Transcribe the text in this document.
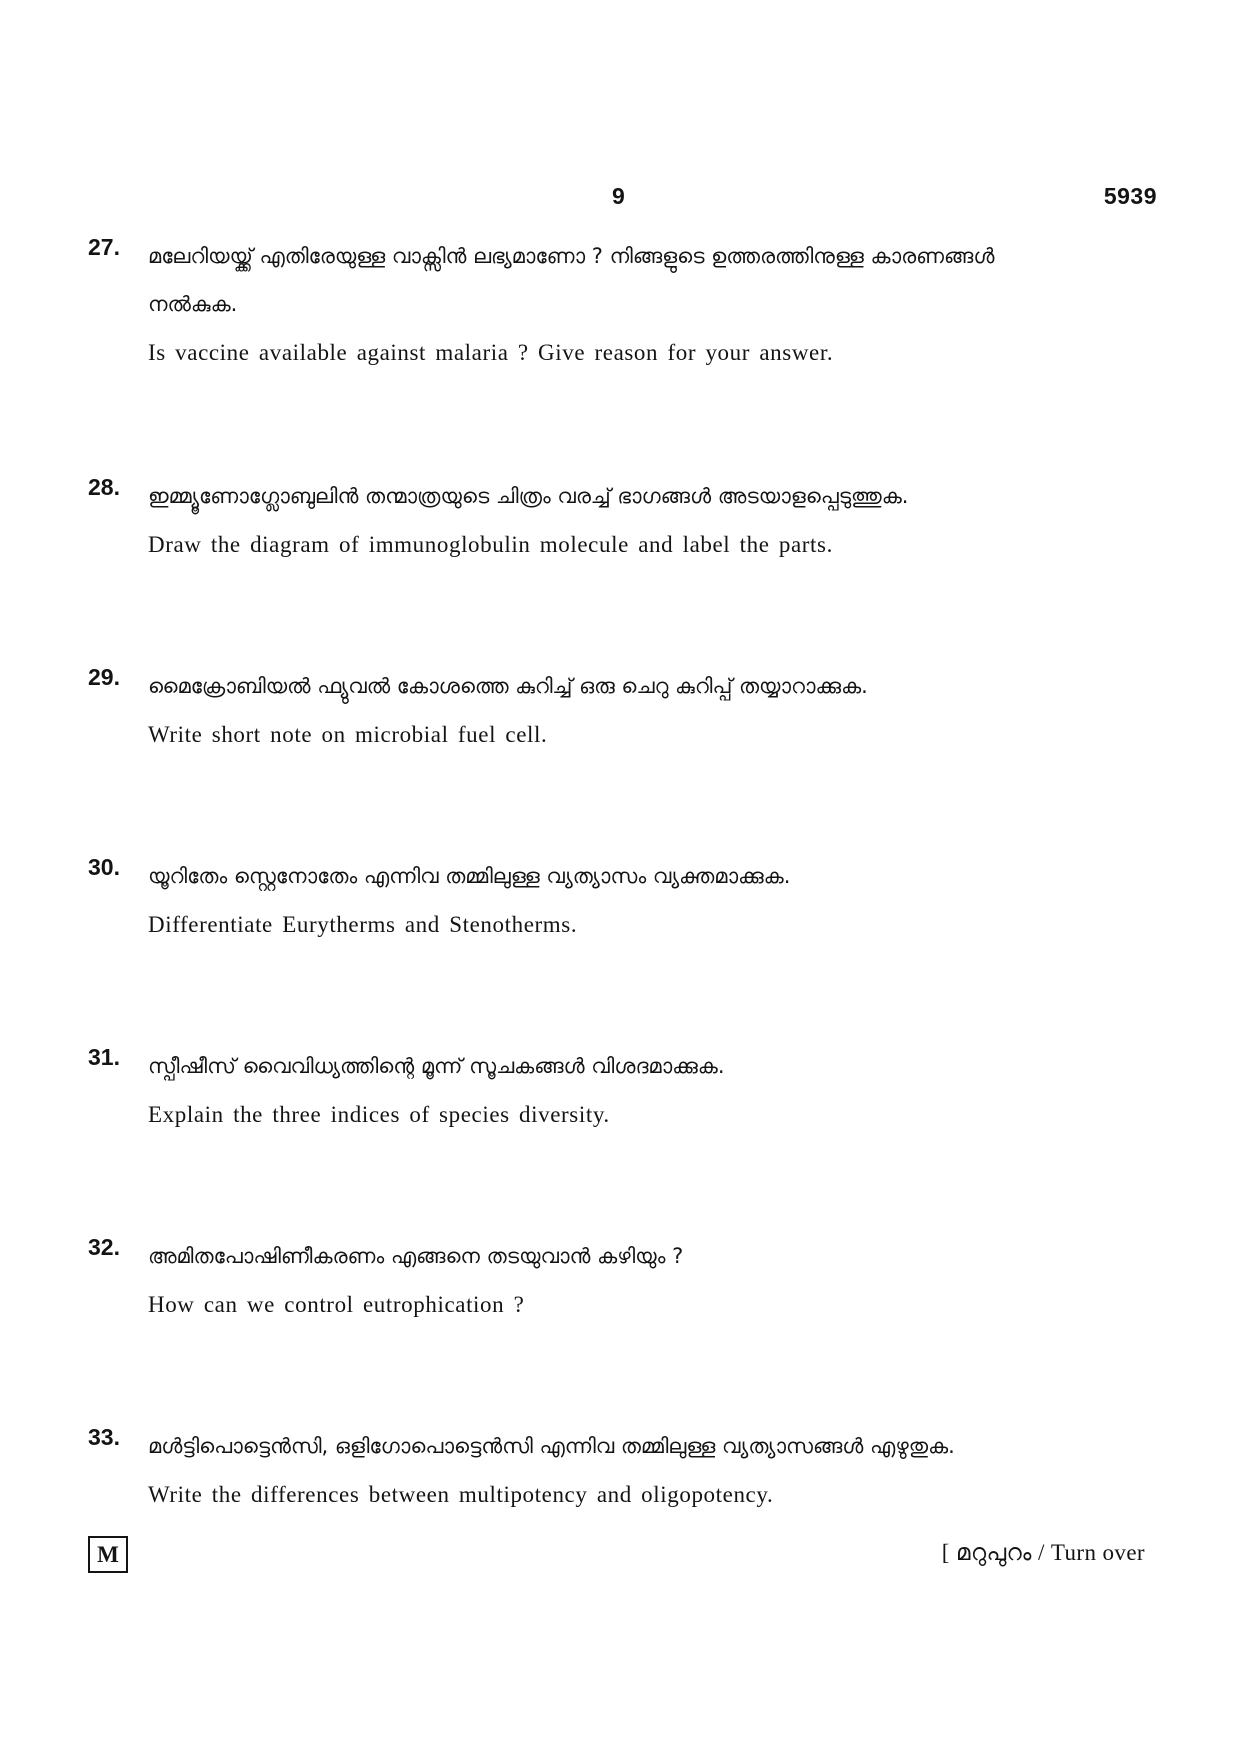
9	5939
27. മലേറിയയ്ക്ക് എതിരേയുള്ള വാക്സിൻ ലഭ്യമാണോ ? നിങ്ങളുടെ ഉത്തരത്തിനുള്ള കാരണങ്ങൾ
നൽകുക.
Is vaccine available against malaria ? Give reason for your answer.
28. ഇമ്മ്യൂണോഗ്ലോബുലിൻ തന്മാത്രയുടെ ചിത്രം വരച്ച് ഭാഗങ്ങൾ അടയാളപ്പെടുത്തുക.
Draw the diagram of immunoglobulin molecule and label the parts.
29. മൈക്രോബിയൽ ഫ്യുവൽ കോശത്തെ കുറിച്ച് ഒരു ചെറു കുറിപ്പ് തയ്യാറാക്കുക.
Write short note on microbial fuel cell.
30. യൂറിതേം സ്റ്റെനോതേം എന്നിവ തമ്മിലുള്ള വ്യത്യാസം വ്യക്തമാക്കുക.
Differentiate Eurytherms and Stenotherms.
31. സ്പീഷീസ് വൈവിധ്യത്തിന്റെ മൂന്ന് സൂചകങ്ങൾ വിശദമാക്കുക.
Explain the three indices of species diversity.
32. അമിതപോഷിണീകരണം എങ്ങനെ തടയുവാൻ കഴിയും ?
How can we control eutrophication ?
33. മൾട്ടിപൊട്ടെൻസി, ഒളിഗോപൊട്ടെൻസി എന്നിവ തമ്മിലുള്ള വ്യത്യാസങ്ങൾ എഴുതുക.
Write the differences between multipotency and oligopotency.
M	[ മറുപുറം / Turn over
